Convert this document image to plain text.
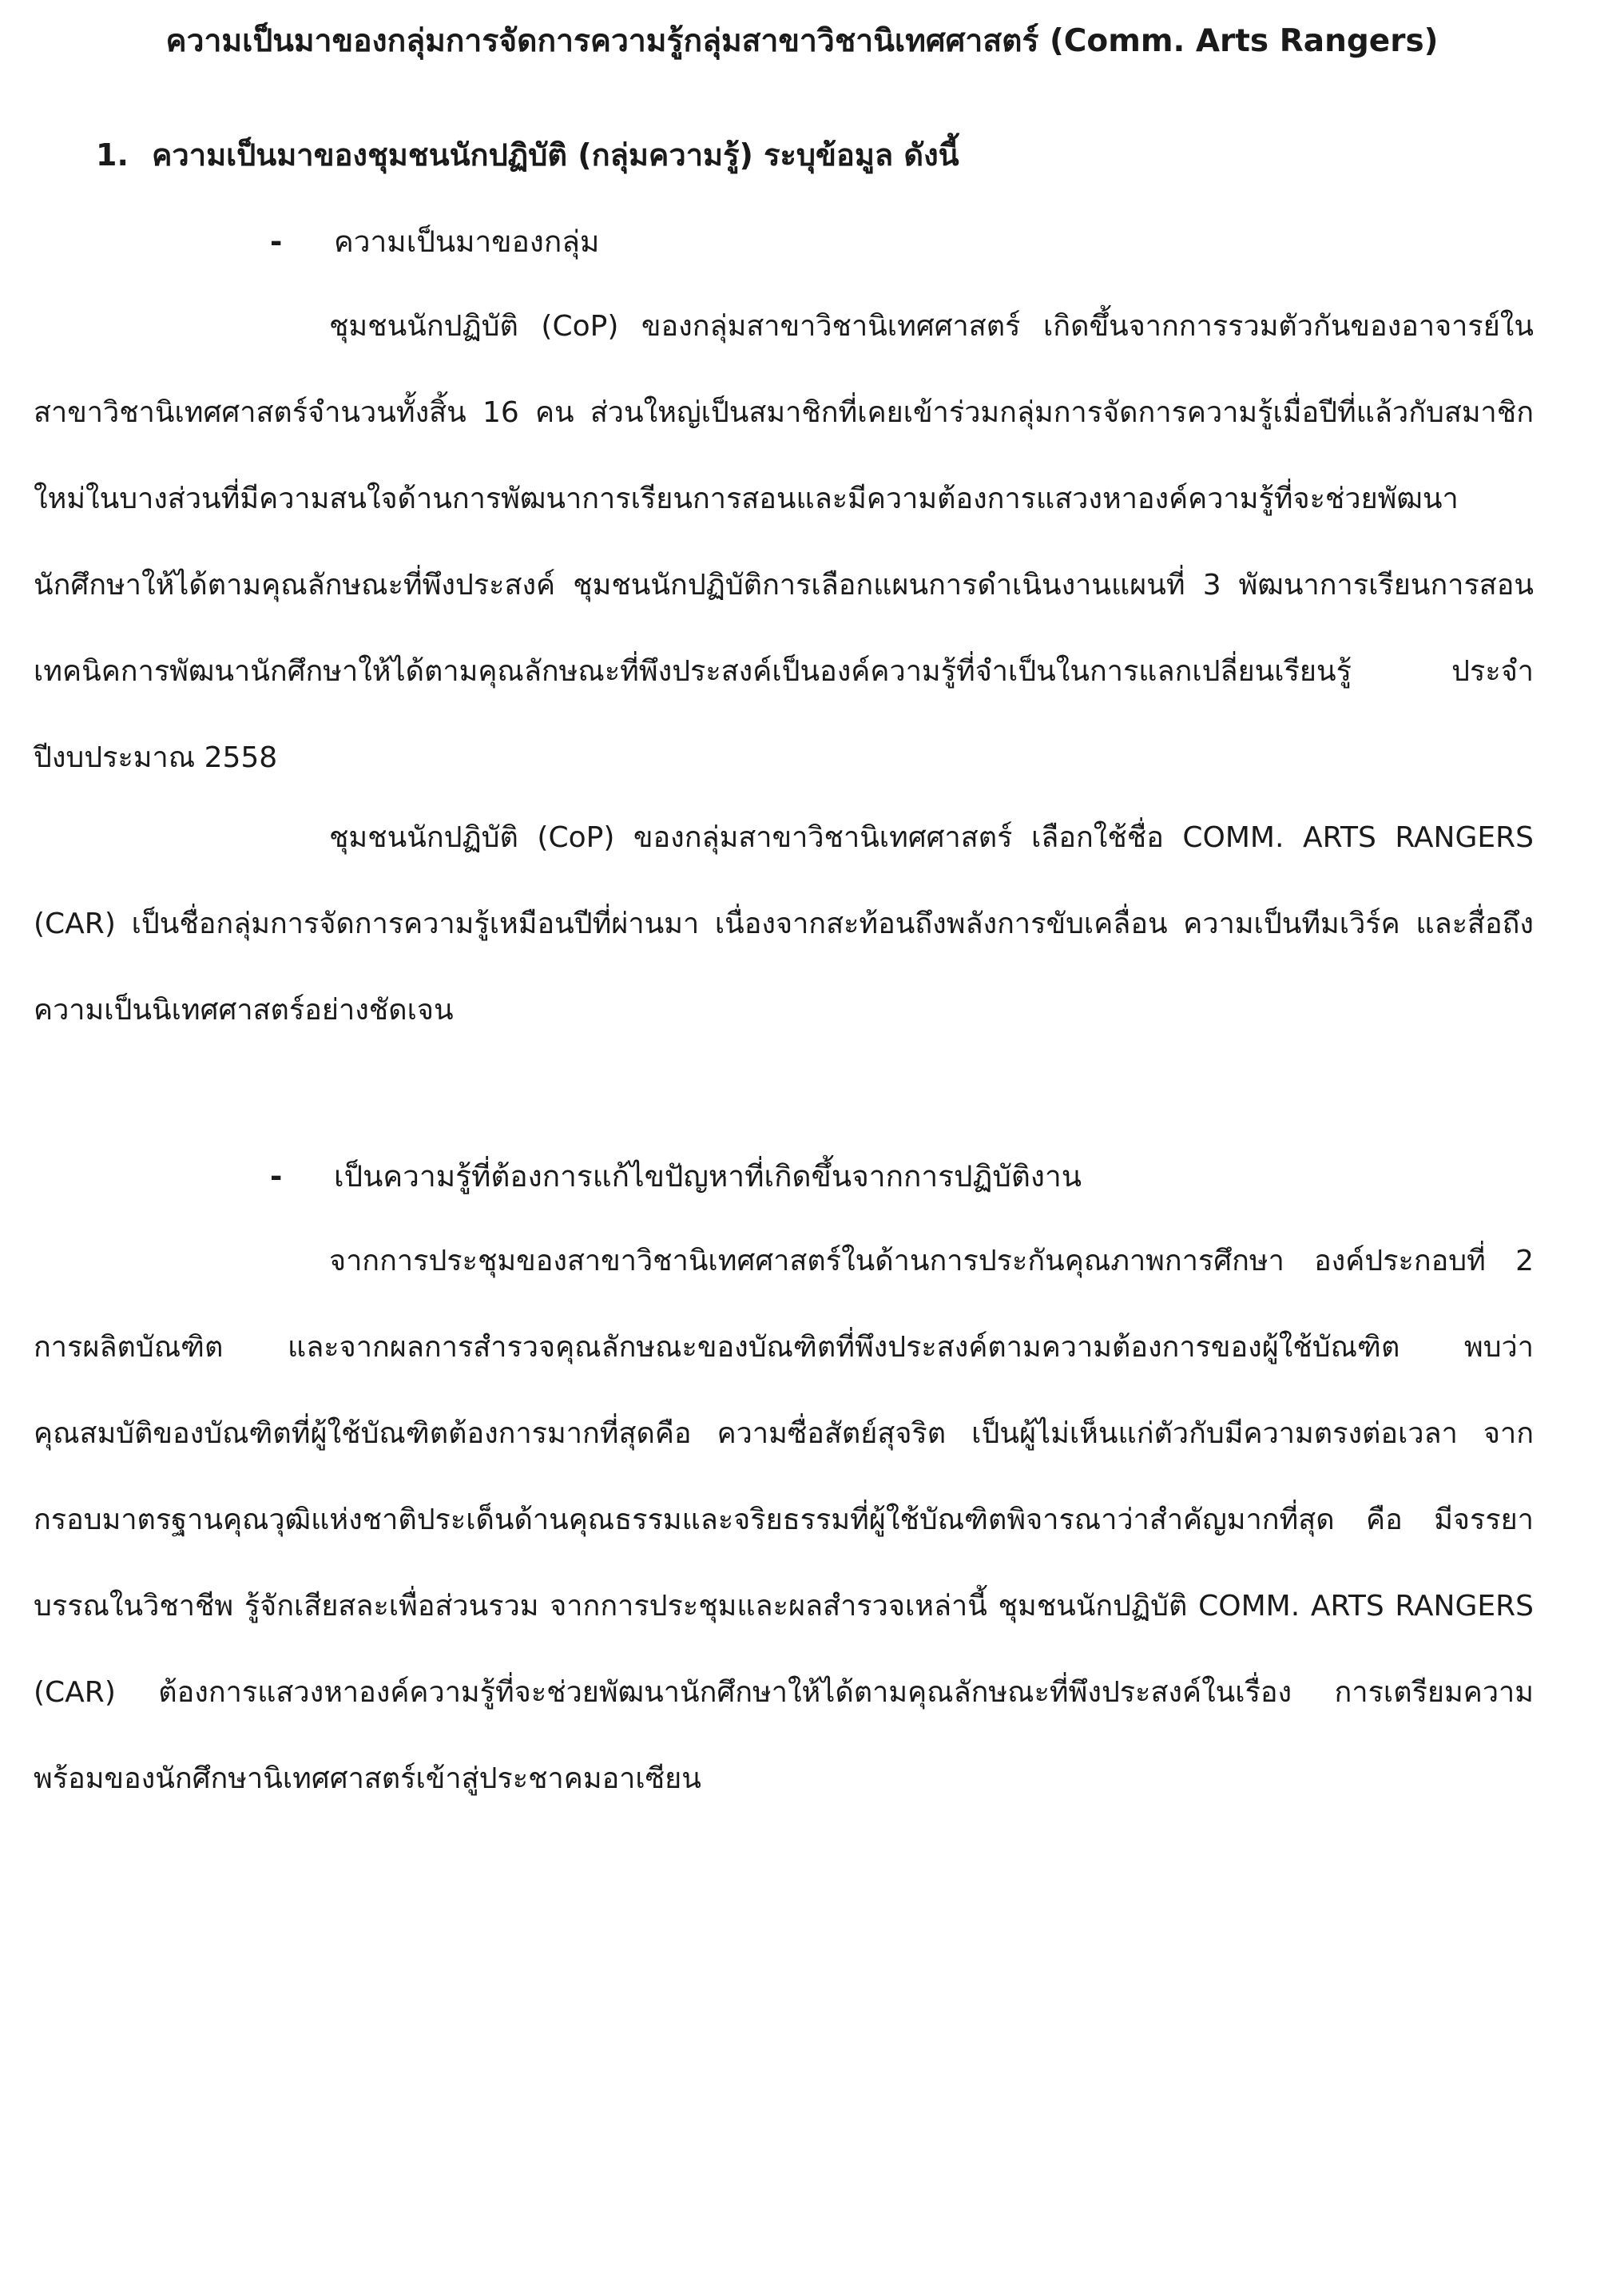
ความเป็นมาของกลุ่มการจัดการความรู้กลุ่มสาขาวิชานิเทศศาสตร์ (Comm. Arts Rangers)
1. ความเป็นมาของชุมชนนักปฏิบัติ (กลุ่มความรู้) ระบุข้อมูล ดังนี้
- ความเป็นมาของกลุ่ม

ชุมชนนักปฏิบัติ (CoP) ของกลุ่มสาขาวิชานิเทศศาสตร์ เกิดขึ้นจากการรวมตัวกันของอาจารย์ในสาขาวิชานิเทศศาสตร์จำนวนทั้งสิ้น 16 คน ส่วนใหญ่เป็นสมาชิกที่เคยเข้าร่วมกลุ่มการจัดการความรู้เมื่อปีที่แล้วกับสมาชิกใหม่ในบางส่วนที่มีความสนใจด้านการพัฒนาการเรียนการสอนและมีความต้องการแสวงหาองค์ความรู้ที่จะช่วยพัฒนานักศึกษาให้ได้ตามคุณลักษณะที่พึงประสงค์ ชุมชนนักปฏิบัติการเลือกแผนการดำเนินงานแผนที่ 3 พัฒนาการเรียนการสอนเทคนิคการพัฒนานักศึกษาให้ได้ตามคุณลักษณะที่พึงประสงค์เป็นองค์ความรู้ที่จำเป็นในการแลกเปลี่ยนเรียนรู้ ประจำปีงบประมาณ 2558

ชุมชนนักปฏิบัติ (CoP) ของกลุ่มสาขาวิชานิเทศศาสตร์ เลือกใช้ชื่อ COMM. ARTS RANGERS (CAR) เป็นชื่อกลุ่มการจัดการความรู้เหมือนปีที่ผ่านมา เนื่องจากสะท้อนถึงพลังการขับเคลื่อน ความเป็นทีมเวิร์ค และสื่อถึงความเป็นนิเทศศาสตร์อย่างชัดเจน

- เป็นความรู้ที่ต้องการแก้ไขปัญหาที่เกิดขึ้นจากการปฏิบัติงาน

จากการประชุมของสาขาวิชานิเทศศาสตร์ในด้านการประกันคุณภาพการศึกษา องค์ประกอบที่ 2 การผลิตบัณฑิต และจากผลการสำรวจคุณลักษณะของบัณฑิตที่พึงประสงค์ตามความต้องการของผู้ใช้บัณฑิต พบว่า คุณสมบัติของบัณฑิตที่ผู้ใช้บัณฑิตต้องการมากที่สุดคือ ความซื่อสัตย์สุจริต เป็นผู้ไม่เห็นแก่ตัวกับมีความตรงต่อเวลา จากกรอบมาตรฐานคุณวุฒิแห่งชาติประเด็นด้านคุณธรรมและจริยธรรมที่ผู้ใช้บัณฑิตพิจารณาว่าสำคัญมากที่สุด คือ มีจรรยาบรรณในวิชาชีพ รู้จักเสียสละเพื่อส่วนรวม จากการประชุมและผลสำรวจเหล่านี้ ชุมชนนักปฏิบัติ COMM. ARTS RANGERS (CAR) ต้องการแสวงหาองค์ความรู้ที่จะช่วยพัฒนานักศึกษาให้ได้ตามคุณลักษณะที่พึงประสงค์ในเรื่อง การเตรียมความพร้อมของนักศึกษานิเทศศาสตร์เข้าสู่ประชาคมอาเซียน
